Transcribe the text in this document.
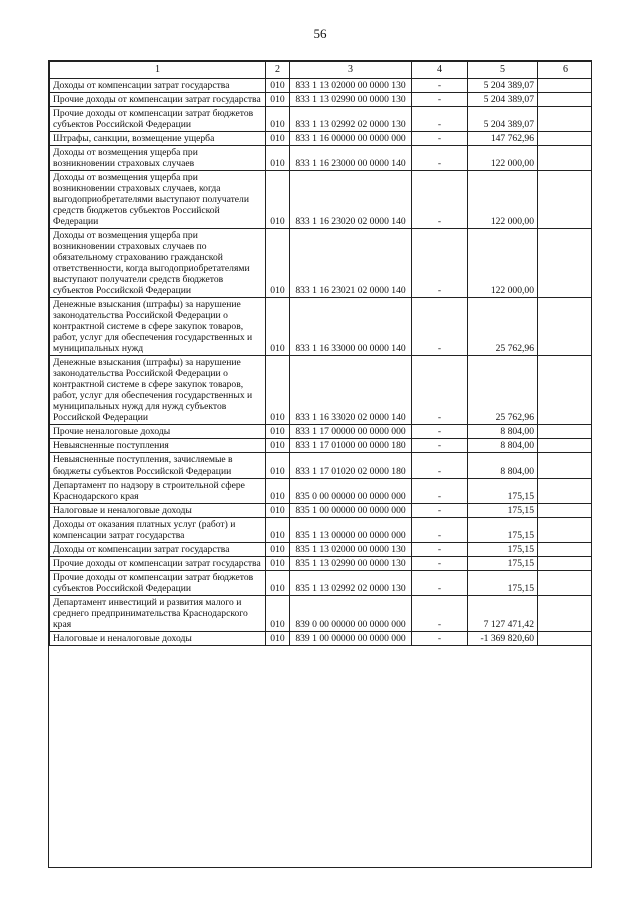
56
1	2	3	4	5	6
Доходы от компенсации затрат государства	010	833 1 13 02000 00 0000 130	-	5 204 389,07	
Прочие доходы от компенсации затрат государства	010	833 1 13 02990 00 0000 130	-	5 204 389,07	
Прочие доходы от компенсации затрат бюджетов субъектов Российской Федерации	010	833 1 13 02992 02 0000 130	-	5 204 389,07	
Штрафы, санкции, возмещение ущерба	010	833 1 16 00000 00 0000 000	-	147 762,96	
Доходы от возмещения ущерба при возникновении страховых случаев	010	833 1 16 23000 00 0000 140	-	122 000,00	
Доходы от возмещения ущерба при возникновении страховых случаев, когда выгодоприобретателями выступают получатели средств бюджетов субъектов Российской Федерации	010	833 1 16 23020 02 0000 140	-	122 000,00	
Доходы от возмещения ущерба при возникновении страховых случаев по обязательному страхованию гражданской ответственности, когда выгодоприобретателями выступают получатели средств бюджетов субъектов Российской Федерации	010	833 1 16 23021 02 0000 140	-	122 000,00	
Денежные взыскания (штрафы) за нарушение законодательства Российской Федерации о контрактной системе в сфере закупок товаров, работ, услуг для обеспечения государственных и муниципальных нужд	010	833 1 16 33000 00 0000 140	-	25 762,96	
Денежные взыскания (штрафы) за нарушение законодательства Российской Федерации о контрактной системе в сфере закупок товаров, работ, услуг для обеспечения государственных и муниципальных нужд для нужд субъектов Российской Федерации	010	833 1 16 33020 02 0000 140	-	25 762,96	
Прочие неналоговые доходы	010	833 1 17 00000 00 0000 000	-	8 804,00	
Невыясненные поступления	010	833 1 17 01000 00 0000 180	-	8 804,00	
Невыясненные поступления, зачисляемые в бюджеты субъектов Российской Федерации	010	833 1 17 01020 02 0000 180	-	8 804,00	
Департамент по надзору в строительной сфере Краснодарского края	010	835 0 00 00000 00 0000 000	-	175,15	
Налоговые и неналоговые доходы	010	835 1 00 00000 00 0000 000	-	175,15	
Доходы от оказания платных услуг (работ) и компенсации затрат государства	010	835 1 13 00000 00 0000 000	-	175,15	
Доходы от компенсации затрат государства	010	835 1 13 02000 00 0000 130	-	175,15	
Прочие доходы от компенсации затрат государства	010	835 1 13 02990 00 0000 130	-	175,15	
Прочие доходы от компенсации затрат бюджетов субъектов Российской Федерации	010	835 1 13 02992 02 0000 130	-	175,15	
Департамент инвестиций и развития малого и среднего предпринимательства Краснодарского края	010	839 0 00 00000 00 0000 000	-	7 127 471,42	
Налоговые и неналоговые доходы	010	839 1 00 00000 00 0000 000	-	-1 369 820,60	
